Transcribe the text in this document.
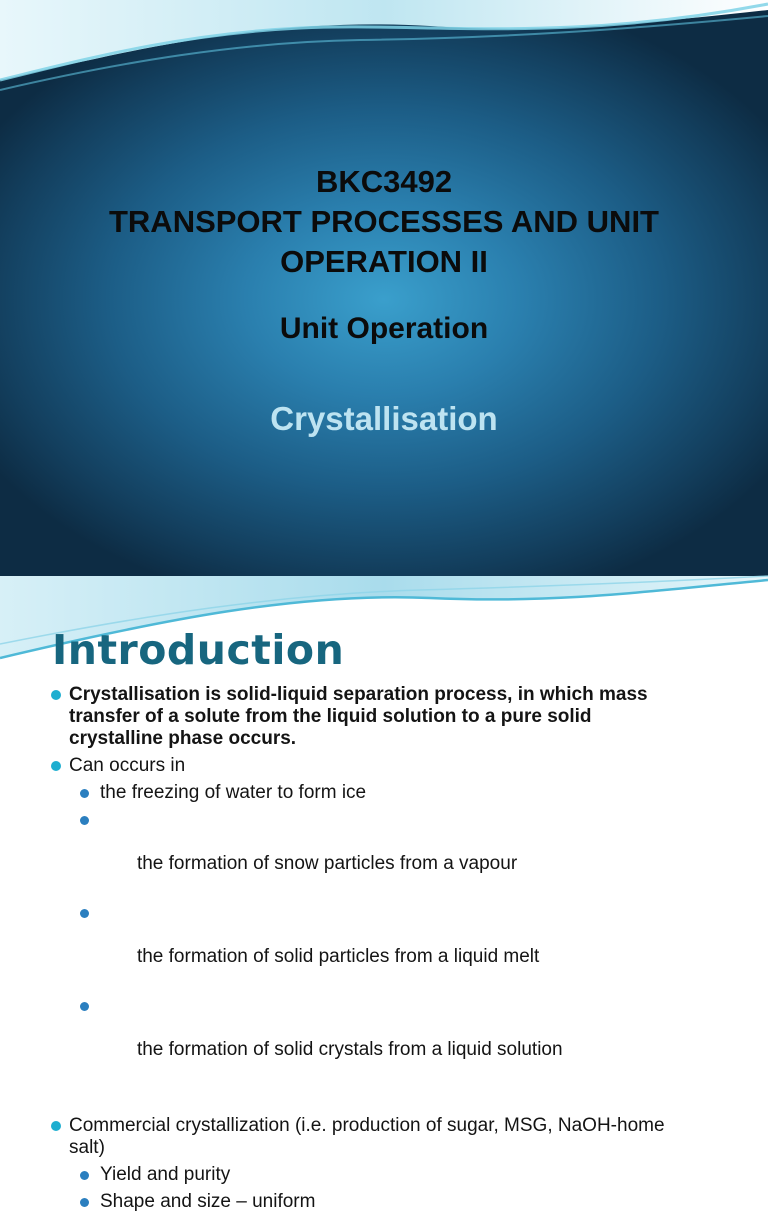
BKC3492
TRANSPORT PROCESSES AND UNIT
OPERATION II
Unit Operation
Crystallisation
Introduction
Crystallisation is solid-liquid separation process, in which mass
transfer of a solute from the liquid solution to a pure solid
crystalline phase occurs.
Can occurs in
the freezing of water to form ice

the formation of snow particles from a vapour

the formation of solid particles from a liquid melt

the formation of solid crystals from a liquid solution

Commercial crystallization (i.e. production of sugar, MSG, NaOH-home
salt)
Yield and purity
Shape and size – uniform
